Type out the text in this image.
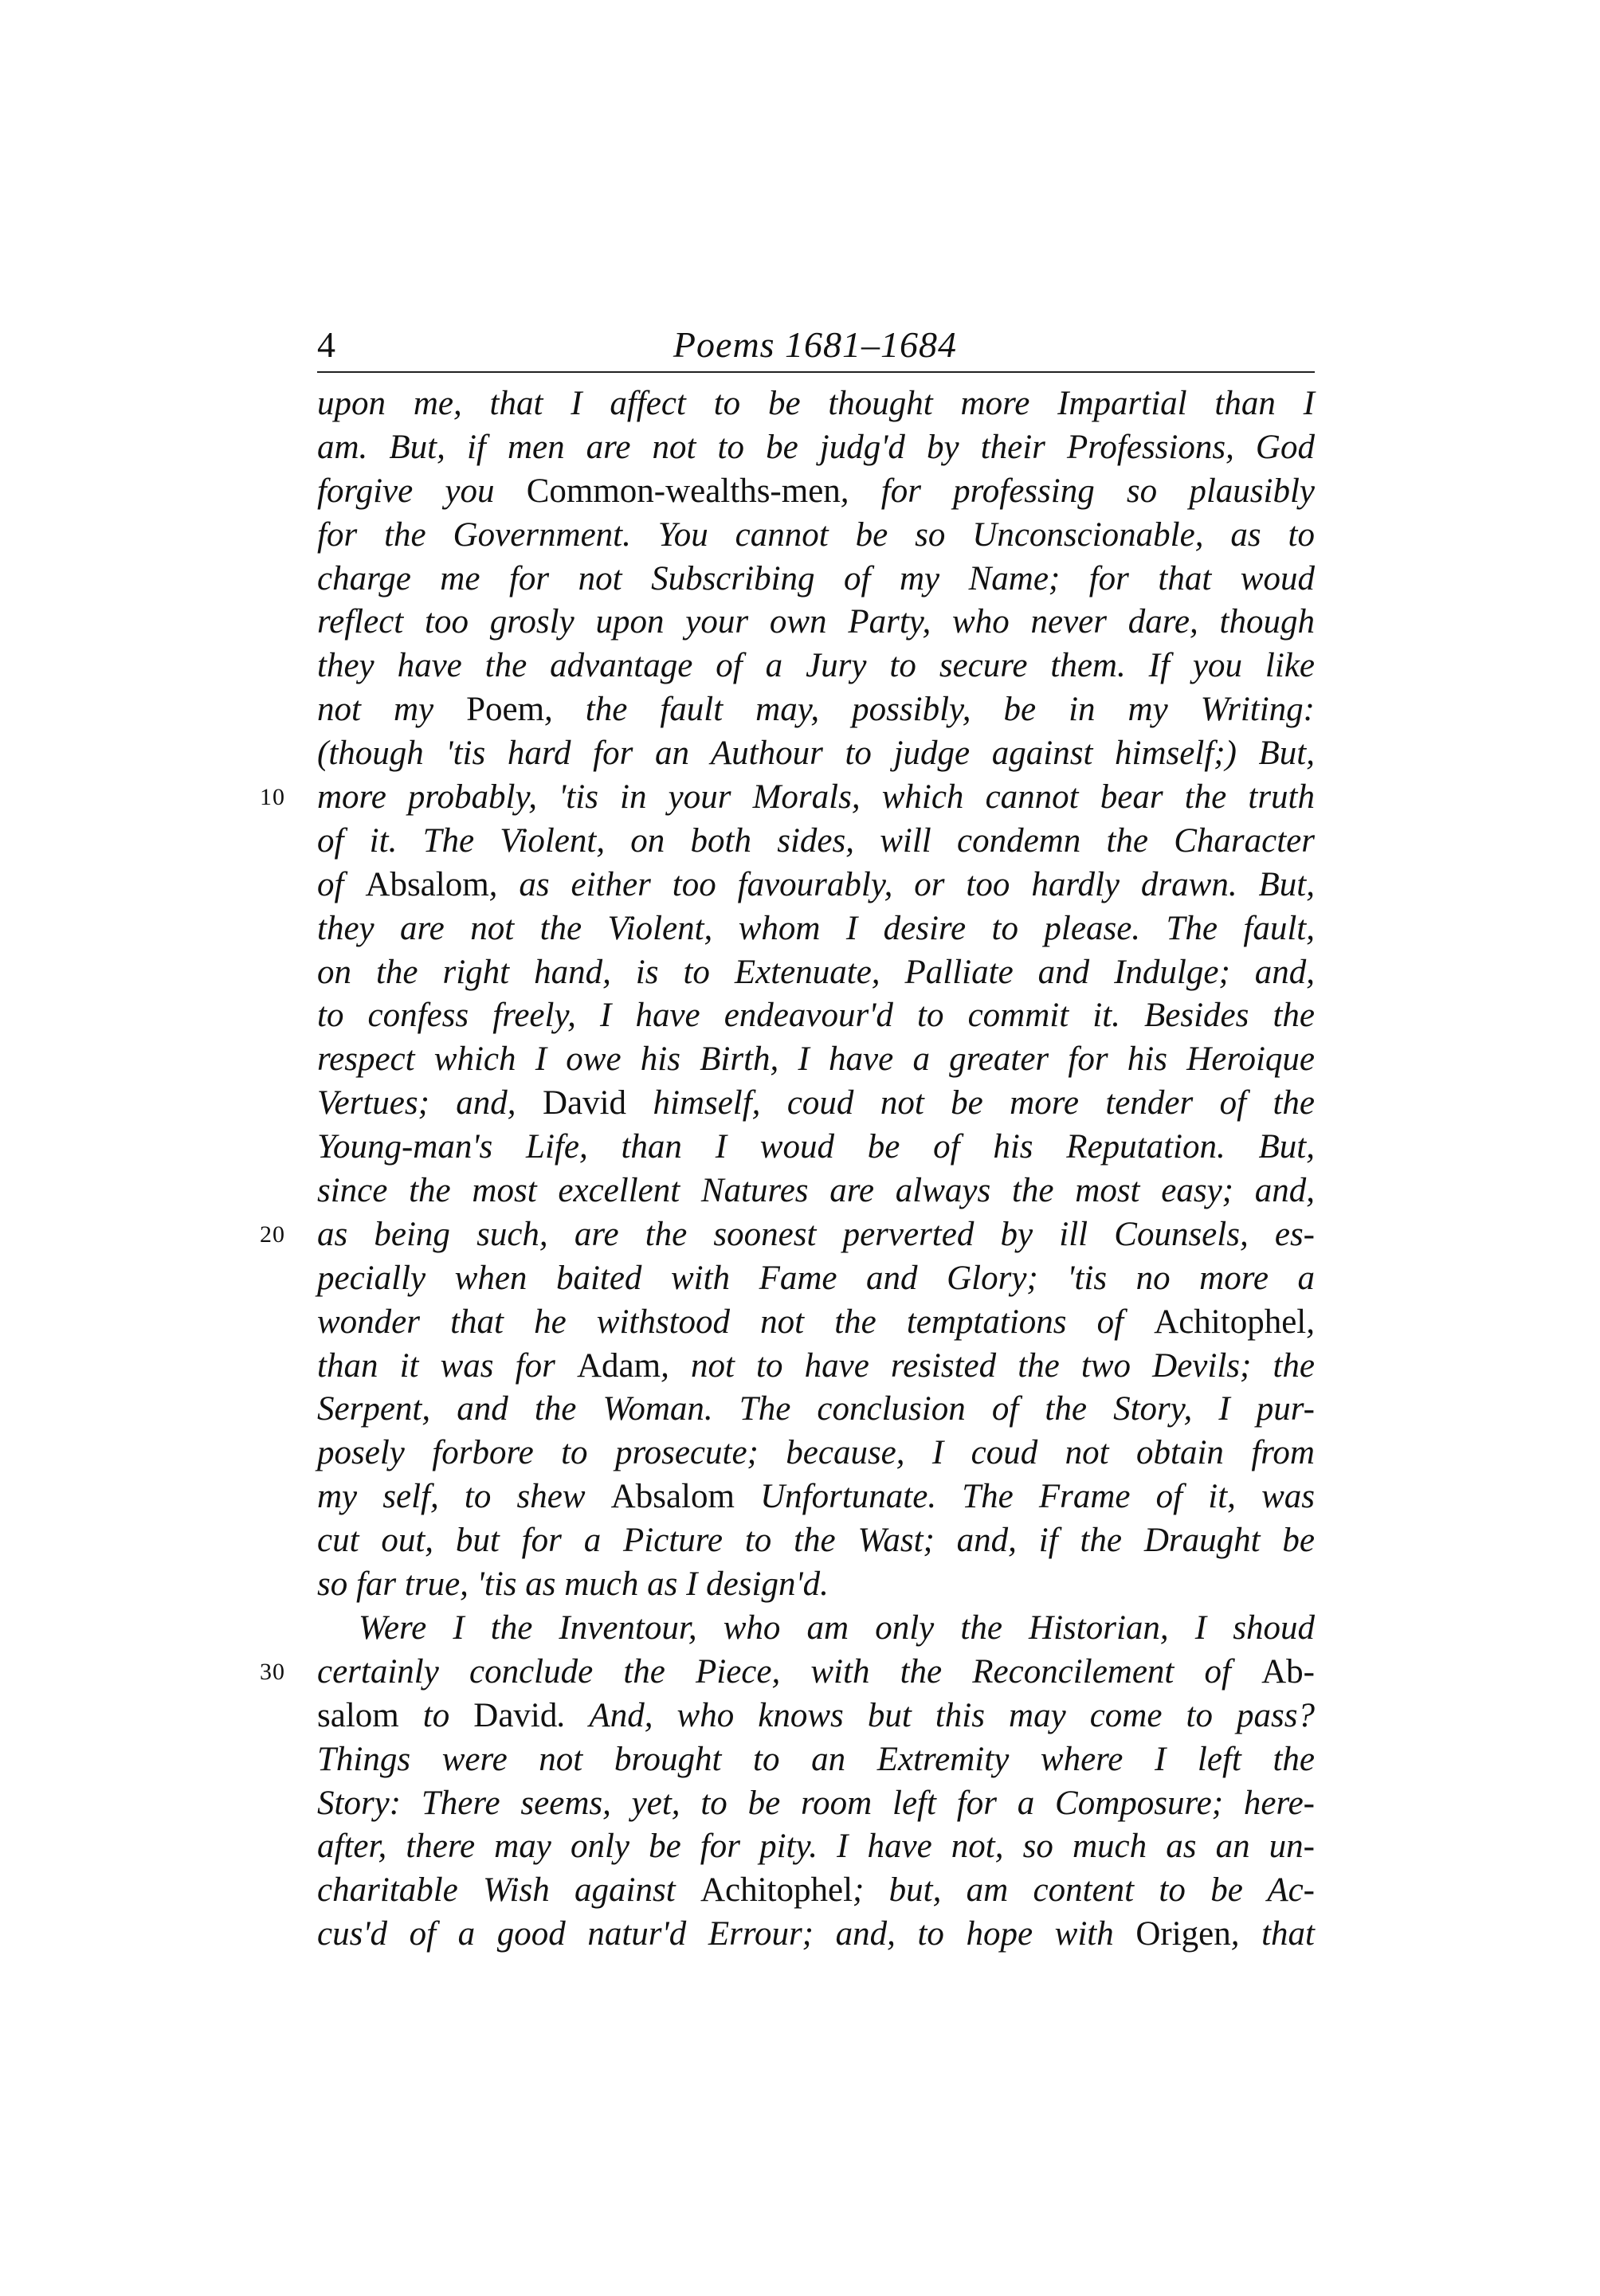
4	Poems 1681–1684
upon me, that I affect to be thought more Impartial than I
am. But, if men are not to be judg'd by their Professions, God
forgive you Common-wealths-men, for professing so plausibly
for the Government. You cannot be so Unconscionable, as to
charge me for not Subscribing of my Name; for that woud
reflect too grosly upon your own Party, who never dare, though
they have the advantage of a Jury to secure them. If you like
not my Poem, the fault may, possibly, be in my Writing:
(though 'tis hard for an Authour to judge against himself;) But,
10 more probably, 'tis in your Morals, which cannot bear the truth
of it. The Violent, on both sides, will condemn the Character
of Absalom, as either too favourably, or too hardly drawn. But,
they are not the Violent, whom I desire to please. The fault,
on the right hand, is to Extenuate, Palliate and Indulge; and,
to confess freely, I have endeavour'd to commit it. Besides the
respect which I owe his Birth, I have a greater for his Heroique
Vertues; and, David himself, coud not be more tender of the
Young-man's Life, than I woud be of his Reputation. But,
since the most excellent Natures are always the most easy; and,
20 as being such, are the soonest perverted by ill Counsels, es-
pecially when baited with Fame and Glory; 'tis no more a
wonder that he withstood not the temptations of Achitophel,
than it was for Adam, not to have resisted the two Devils; the
Serpent, and the Woman. The conclusion of the Story, I pur-
posely forbore to prosecute; because, I coud not obtain from
my self, to shew Absalom Unfortunate. The Frame of it, was
cut out, but for a Picture to the Wast; and, if the Draught be
so far true, 'tis as much as I design'd.
Were I the Inventour, who am only the Historian, I shoud
30 certainly conclude the Piece, with the Reconcilement of Ab-
salom to David. And, who knows but this may come to pass?
Things were not brought to an Extremity where I left the
Story: There seems, yet, to be room left for a Composure; here-
after, there may only be for pity. I have not, so much as an un-
charitable Wish against Achitophel; but, am content to be Ac-
cus'd of a good natur'd Errour; and, to hope with Origen, that
